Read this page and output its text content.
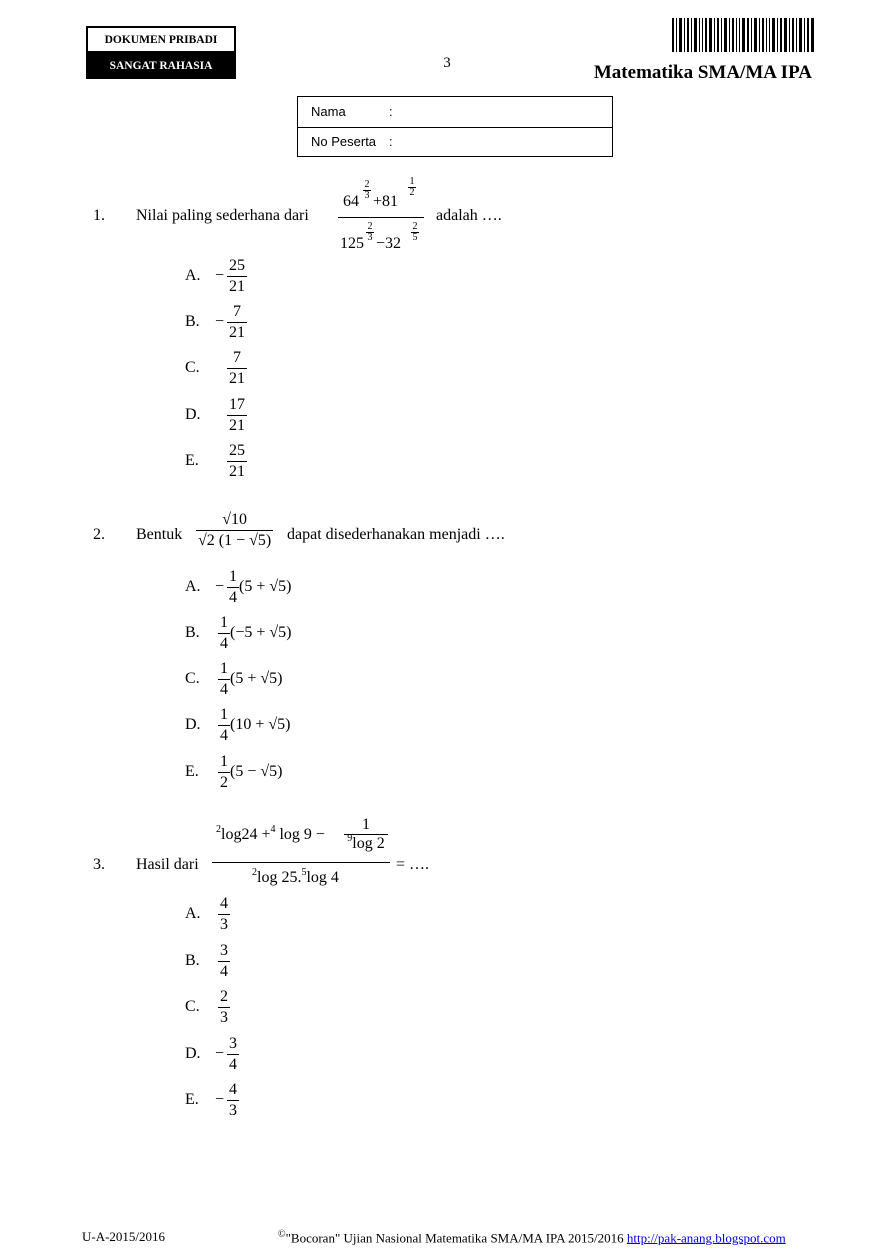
DOKUMEN PRIBADI
SANGAT RAHASIA	3	Matematika SMA/MA IPA
Nama	:
No Peserta :
1. Nilai paling sederhana dari
64 +81
2
3
1
2
125 −32
2
3
2
5
adalah ….
A. − $\frac{25}{21}$
B. − $\frac{7}{21}$
C. $\frac{7}{21}$
D. $\frac{17}{21}$
E. $\frac{25}{21}$
2. Bentuk $\frac{√10}{√2 (1 - √5)}$ dapat disederhanakan menjadi ….
A. − $\frac{1}{4} (5 + √5)$
B. $\frac{1}{4} (-5 + √5)$
C. $\frac{1}{4} (5 + √5)$
D. $\frac{1}{4} (10 + √5)$
E. $\frac{1}{2} (5 - √5)$
3. Hasil dari
$^2$log24 +$^4$ log 9 −
1
$^9$log 2
$^2$log 25.$^5$log 4
= ….
A. $\frac{4}{3}$
B. $\frac{3}{4}$
C. $\frac{2}{3}$
D. − $\frac{3}{4}$
E. − $\frac{4}{3}$
U-A-2015/2016	©"Bocoran" Ujian Nasional Matematika SMA/MA IPA 2015/2016 http://pak-anang.blogspot.com
